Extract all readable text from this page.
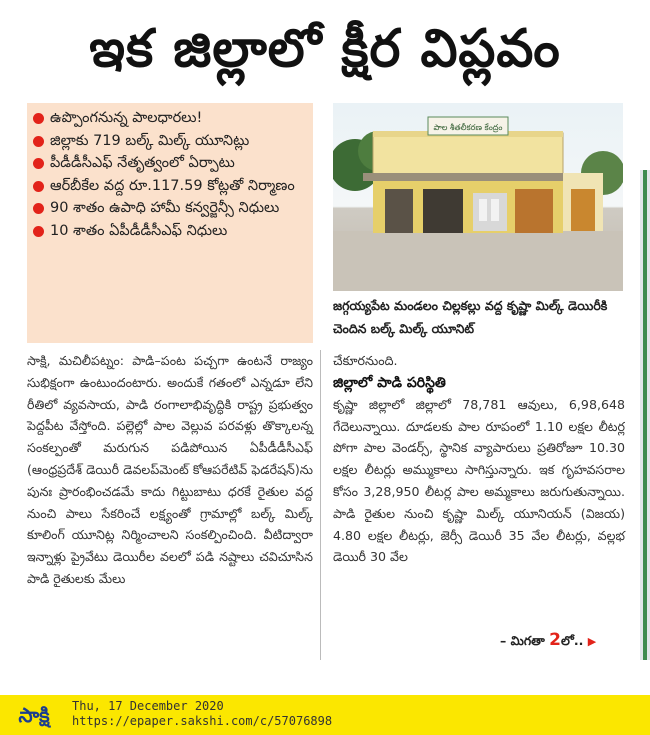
ఇక జిల్లాలో క్షీర విప్లవం
ఉప్పొంగనున్న పాలధారలు!
జిల్లాకు 719 బల్క్ మిల్క్ యూనిట్లు
పీడీడీసీఎఫ్ నేతృత్వంలో ఏర్పాటు
ఆర్‌బీకేల వద్ద రూ.117.59 కోట్లతో నిర్మాణం
90 శాతం ఉపాధి హామీ కన్వర్జెన్సీ నిధులు
10 శాతం ఏపీడీడీసీఎఫ్ నిధులు
పాల శీతలీకరణ కేంద్రం
జగ్గయ్యపేట మండలం చిల్లకల్లు వద్ద కృష్ణా మిల్క్ డెయిరీకి చెందిన బల్క్ మిల్క్ యూనిట్

సాక్షి, మచిలీపట్నం: పాడి–పంట పచ్చగా ఉంటనే రాజ్యం సుభిక్షంగా ఉంటుందంటారు. అందుకే గతంలో ఎన్నడూ లేని రీతిలో వ్యవసాయ, పాడి రంగాలాభివృద్ధికి రాష్ట్ర ప్రభుత్వం పెద్దపీట వేస్తోంది. పల్లెల్లో పాల వెల్లువ పరవళ్లు తొక్కాలన్న సంకల్పంతో మరుగున పడిపోయిన ఏపీడీడీసీఎఫ్ (ఆంధ్రప్రదేశ్ డెయిరీ డెవలప్‌మెంట్ కోఆపరేటివ్ ఫెడరేషన్)ను పునః ప్రారంభించడమే కాదు గిట్టుబాటు ధరకే రైతుల వద్ద నుంచి పాలు సేకరించే లక్ష్యంతో గ్రామాల్లో బల్క్ మిల్క్ కూలింగ్ యూనిట్ల నిర్మించాలని సంకల్పించింది. వీటిద్వారా ఇన్నాళ్లు ప్రైవేటు డెయిరీల వలలో పడి నష్టాలు చవిచూసిన పాడి రైతులకు మేలు

చేకూరనుంది.

జిల్లాలో పాడి పరిస్థితి

కృష్ణా జిల్లాలో జిల్లాలో 78,781 ఆవులు, 6,98,648 గేదెలున్నాయి. దూడలకు పాల రూపంలో 1.10 లక్షల లీటర్ల పోగా పాల వెండర్స్, స్థానిక వ్యాపారులు ప్రతిరోజూ 10.30 లక్షల లీటర్లు అమ్ముకాలు సాగిస్తున్నారు. ఇక గృహవసరాల కోసం 3,28,950 లీటర్ల పాల అమ్మకాలు జరుగుతున్నాయి. పాడి రైతుల నుంచి కృష్ణా మిల్క్ యూనియన్ (విజయ) 4.80 లక్షల లీటర్లు, జెర్సీ డెయిరీ 35 వేల లీటర్లు, వల్లభ డెయిరీ 30 వేల

– మిగతా 2లో.. ▶
సాక్షి Thu, 17 December 2020
https://epaper.sakshi.com/c/57076898
